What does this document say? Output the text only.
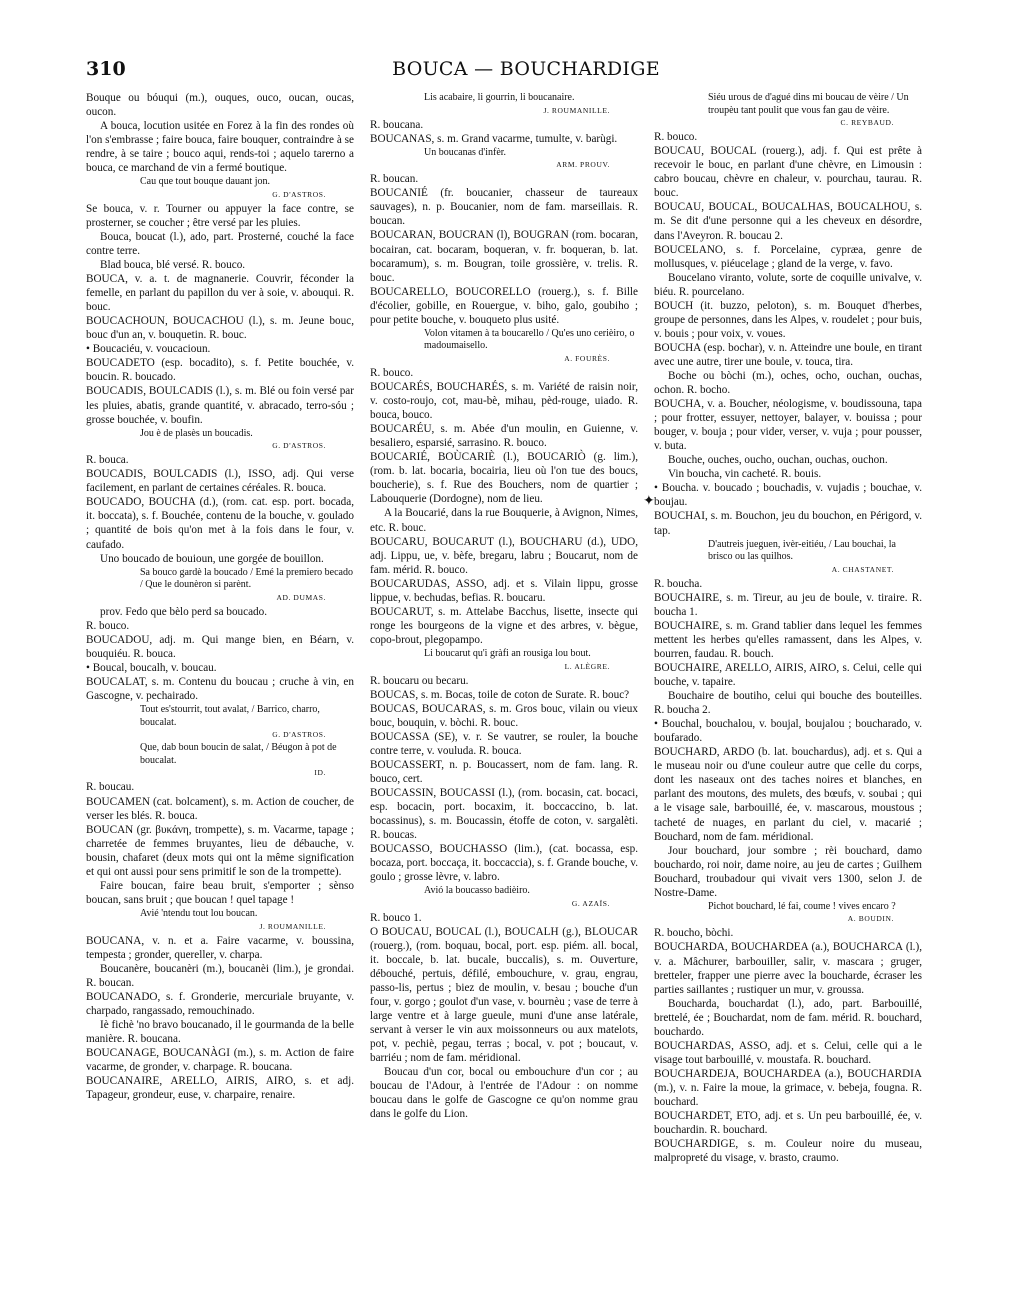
310	BOUCA — BOUCHARDIGE

Bouque ou bóuqui (m.), ouques, ouco, oucan, oucas, oucon.

A bouca, locution usitée en Forez à la fin des rondes où l'on s'embrasse ; faire bouca, faire bouquer, contraindre à se rendre, à se taire ; bouco aqui, rends-toi ; aquelo tarerno a bouca, ce marchand de vin a fermé boutique.

Cau que tout bouque dauant jon.
G. D'ASTROS.

Se bouca, v. r. Tourner ou appuyer la face contre, se prosterner, se coucher ; être versé par les pluies.

Bouca, boucat (l.), ado, part. Prosterné, couché la face contre terre.

Blad bouca, blé versé. R. bouco.

BOUCA, v. a. t. de magnanerie. Couvrir, féconder la femelle, en parlant du papillon du ver à soie, v. abouqui. R. bouc.

BOUCACHOUN, BOUCACHOU (l.), s. m. Jeune bouc, bouc d'un an, v. bouquetin. R. bouc.

• Boucaciéu, v. voucacioun.

BOUCADETO (esp. bocadito), s. f. Petite bouchée, v. boucin. R. boucado.

BOUCADIS, BOULCADIS (l.), s. m. Blé ou foin versé par les pluies, abatis, grande quantité, v. abracado, terro-sóu ; grosse bouchée, v. boufin.

Jou è de plasès un boucadis.
G. D'ASTROS.

R. bouca.

BOUCADIS, BOULCADIS (l.), ISSO, adj. Qui verse facilement, en parlant de certaines céréales. R. bouca.

BOUCADO, BOUCHA (d.), (rom. cat. esp. port. bocada, it. boccata), s. f. Bouchée, contenu de la bouche, v. goulado ; quantité de bois qu'on met à la fois dans le four, v. caufado.

Uno boucado de bouioun, une gorgée de bouillon.

Sa bouco gardè la boucado / Emé la premiero becado / Que le dounèron si parènt.
AD. DUMAS.

prov. Fedo que bèlo perd sa boucado.

R. bouco.

BOUCADOU, adj. m. Qui mange bien, en Béarn, v. bouquiéu. R. bouca.

• Boucal, boucalh, v. boucau.

BOUCALAT, s. m. Contenu du boucau ; cruche à vin, en Gascogne, v. pechairado.

Tout es'stourrit, tout avalat, / Barrico, charro, boucalat.
G. D'ASTROS.
Que, dab boun boucin de salat, / Béugon à pot de boucalat.
ID.

R. boucau.

BOUCAMEN (cat. bolcament), s. m. Action de coucher, de verser les blés. R. bouca.

BOUCAN (gr. βυκάνη, trompette), s. m. Vacarme, tapage ; charretée de femmes bruyantes, lieu de débauche, v. bousin, chafaret (deux mots qui ont la même signification et qui ont aussi pour sens primitif le son de la trompette).

Faire boucan, faire beau bruit, s'emporter ; sènso boucan, sans bruit ; que boucan ! quel tapage !

Avié 'ntendu tout lou boucan.
J. ROUMANILLE.

BOUCANA, v. n. et a. Faire vacarme, v. boussina, tempesta ; gronder, quereller, v. charpa.

Boucanère, boucanèri (m.), boucanèi (lim.), je grondai. R. boucan.

BOUCANADO, s. f. Gronderie, mercuriale bruyante, v. charpado, rangassado, remouchinado.

Iè fichè 'no bravo boucanado, il le gourmanda de la belle manière. R. boucana.

BOUCANAGE, BOUCANÀGI (m.), s. m. Action de faire vacarme, de gronder, v. charpage. R. boucana.

BOUCANAIRE, ARELLO, AIRIS, AIRO, s. et adj. Tapageur, grondeur, euse, v. charpaire, renaire.

Lis acabaire, li gourrin, li boucanaire.
J. ROUMANILLE.

R. boucana.

BOUCANAS, s. m. Grand vacarme, tumulte, v. barùgi.

Un boucanas d'infèr.
ARM. PROUV.

R. boucan.

BOUCANIÉ (fr. boucanier, chasseur de taureaux sauvages), n. p. Boucanier, nom de fam. marseillais. R. boucan.

BOUCARAN, BOUCRAN (l), BOUGRAN (rom. bocaran, bocairan, cat. bocaram, boqueran, v. fr. boqueran, b. lat. bocaramum), s. m. Bougran, toile grossière, v. trelis. R. bouc.

BOUCARELLO, BOUCORELLO (rouerg.), s. f. Bille d'écolier, gobille, en Rouergue, v. biho, galo, goubiho ; pour petite bouche, v. bouqueto plus usité.

Volon vitamen à ta boucarello / Qu'es uno cerièiro, o madoumaisello.
A. FOURÈS.

R. bouco.

BOUCARÉS, BOUCHARÉS, s. m. Variété de raisin noir, v. costo-roujo, cot, mau-bè, mihau, pèd-rouge, uiado. R. bouca, bouco.

BOUCARÉU, s. m. Abée d'un moulin, en Guienne, v. besaliero, esparsié, sarrasino. R. bouco.

BOUCARIÉ, BOÙCARIÈ (l.), BOUCARIÒ (g. lim.), (rom. b. lat. bocaria, bocairia, lieu où l'on tue des boucs, boucherie), s. f. Rue des Bouchers, nom de quartier ; Labouquerie (Dordogne), nom de lieu.

A la Boucarié, dans la rue Bouquerie, à Avignon, Nimes, etc. R. bouc.

BOUCARU, BOUCARUT (l.), BOUCHARU (d.), UDO, adj. Lippu, ue, v. bèfe, bregaru, labru ; Boucarut, nom de fam. mérid. R. bouco.

BOUCARUDAS, ASSO, adj. et s. Vilain lippu, grosse lippue, v. bechudas, befias. R. boucaru.

BOUCARUT, s. m. Attelabe Bacchus, lisette, insecte qui ronge les bourgeons de la vigne et des arbres, v. bègue, copo-brout, plegopampo.

Li boucarut qu'i gràfi an rousiga lou bout.
L. ALÈGRE.

R. boucaru ou becaru.

BOUCAS, s. m. Bocas, toile de coton de Surate. R. bouc?

BOUCAS, BOUCARAS, s. m. Gros bouc, vilain ou vieux bouc, bouquin, v. bòchi. R. bouc.

BOUCASSA (SE), v. r. Se vautrer, se rouler, la bouche contre terre, v. vouluda. R. bouca.

BOUCASSERT, n. p. Boucassert, nom de fam. lang. R. bouco, cert.

BOUCASSIN, BOUCASSI (l.), (rom. bocasin, cat. bocaci, esp. bocacin, port. bocaxim, it. boccaccino, b. lat. bocassinus), s. m. Boucassin, étoffe de coton, v. sargalèti. R. boucas.

BOUCASSO, BOUCHASSO (lim.), (cat. bocassa, esp. bocaza, port. boccaça, it. boccaccia), s. f. Grande bouche, v. goulo ; grosse lèvre, v. labro.

Avió la boucasso badièiro.
G. AZAÏS.

R. bouco 1.

O BOUCAU, BOUCAL (l.), BOUCALH (g.), BLOUCAR (rouerg.), (rom. boquau, bocal, port. esp. piém. all. bocal, it. boccale, b. lat. bucale, buccalis), s. m. Ouverture, débouché, pertuis, défilé, embouchure, v. grau, engrau, passo-lis, pertus ; biez de moulin, v. besau ; bouche d'un four, v. gorgo ; goulot d'un vase, v. bournèu ; vase de terre à large ventre et à large gueule, muni d'une anse latérale, servant à verser le vin aux moissonneurs ou aux matelots, pot, v. pechiè, pegau, terras ; bocal, v. pot ; boucaut, v. barriéu ; nom de fam. méridional.

Boucau d'un cor, bocal ou embouchure d'un cor ; au boucau de l'Adour, à l'entrée de l'Adour : on nomme boucau dans le golfe de Gascogne ce qu'on nomme grau dans le golfe du Lion.

Siéu urous de d'agué dins mi boucau de vèire / Un troupèu tant poulit que vous fan gau de vèire.
C. REYBAUD.

R. bouco.

BOUCAU, BOUCAL (rouerg.), adj. f. Qui est prête à recevoir le bouc, en parlant d'une chèvre, en Limousin : cabro boucau, chèvre en chaleur, v. pourchau, taurau. R. bouc.

BOUCAU, BOUCAL, BOUCALHAS, BOUCALHOU, s. m. Se dit d'une personne qui a les cheveux en désordre, dans l'Aveyron. R. boucau 2.

BOUCELANO, s. f. Porcelaine, cypræa, genre de mollusques, v. piéucelage ; gland de la verge, v. favo.

Boucelano viranto, volute, sorte de coquille univalve, v. biéu. R. pourcelano.

BOUCH (it. buzzo, peloton), s. m. Bouquet d'herbes, groupe de personnes, dans les Alpes, v. roudelet ; pour buis, v. bouis ; pour voix, v. voues.

BOUCHA (esp. bochar), v. n. Atteindre une boule, en tirant avec une autre, tirer une boule, v. touca, tira.

Boche ou bòchi (m.), oches, ocho, ouchan, ouchas, ochon. R. bocho.

BOUCHA, v. a. Boucher, néologisme, v. boudissouna, tapa ; pour frotter, essuyer, nettoyer, balayer, v. bouissa ; pour bouger, v. bouja ; pour vider, verser, v. vuja ; pour pousser, v. buta.

Bouche, ouches, oucho, ouchan, ouchas, ouchon.

Vin boucha, vin cacheté. R. bouis.

• Boucha. v. boucado ; bouchadis, v. vujadis ; bouchae, v. boujau.

BOUCHAI, s. m. Bouchon, jeu du bouchon, en Périgord, v. tap.

D'autreis jueguen, ivèr-eitiéu, / Lau bouchai, la brisco ou las quilhos.
A. CHASTANET.

R. boucha.

BOUCHAIRE, s. m. Tireur, au jeu de boule, v. tiraire. R. boucha 1.

BOUCHAIRE, s. m. Grand tablier dans lequel les femmes mettent les herbes qu'elles ramassent, dans les Alpes, v. bourren, faudau. R. bouch.

BOUCHAIRE, ARELLO, AIRIS, AIRO, s. Celui, celle qui bouche, v. tapaire.

Bouchaire de boutiho, celui qui bouche des bouteilles. R. boucha 2.

• Bouchal, bouchalou, v. boujal, boujalou ; boucharado, v. boufarado.

BOUCHARD, ARDO (b. lat. bouchardus), adj. et s. Qui a le museau noir ou d'une couleur autre que celle du corps, dont les naseaux ont des taches noires et blanches, en parlant des moutons, des mulets, des bœufs, v. soubai ; qui a le visage sale, barbouillé, ée, v. mascarous, moustous ; tacheté de nuages, en parlant du ciel, v. macarié ; Bouchard, nom de fam. méridional.

Jour bouchard, jour sombre ; rèi bouchard, damo bouchardo, roi noir, dame noire, au jeu de cartes ; Guilhem Bouchard, troubadour qui vivait vers 1300, selon J. de Nostre-Dame.

Pichot bouchard, lé fai, coume ! vives encaro ?
A. BOUDIN.

R. boucho, bòchi.

BOUCHARDA, BOUCHARDEA (a.), BOUCHARCA (l.), v. a. Mâchurer, barbouiller, salir, v. mascara ; gruger, bretteler, frapper une pierre avec la boucharde, écraser les parties saillantes ; rustiquer un mur, v. groussa.

Boucharda, bouchardat (l.), ado, part. Barbouillé, brettelé, ée ; Bouchardat, nom de fam. mérid. R. bouchard, bouchardo.

BOUCHARDAS, ASSO, adj. et s. Celui, celle qui a le visage tout barbouillé, v. moustafa. R. bouchard.

BOUCHARDEJA, BOUCHARDEA (a.), BOUCHARDIA (m.), v. n. Faire la moue, la grimace, v. bebeja, fougna. R. bouchard.

BOUCHARDET, ETO, adj. et s. Un peu barbouillé, ée, v. bouchardin. R. bouchard.

BOUCHARDIGE, s. m. Couleur noire du museau, malpropreté du visage, v. brasto, craumo.

✦
